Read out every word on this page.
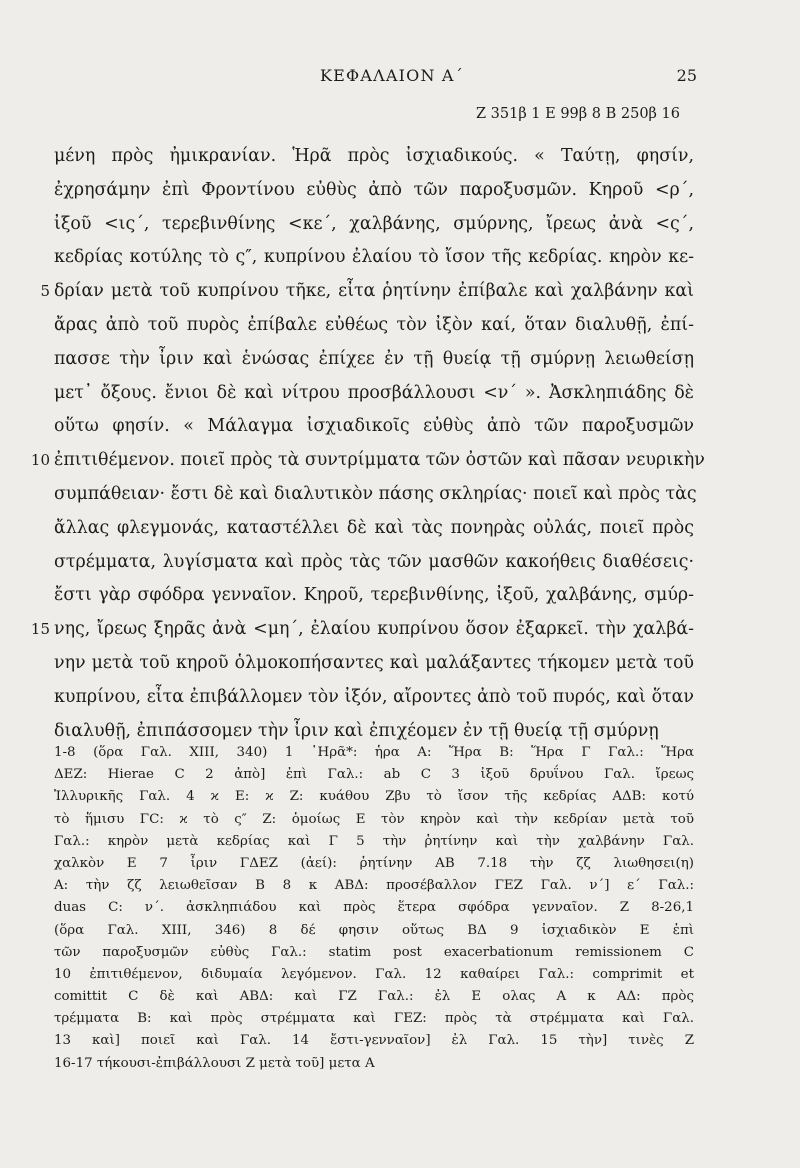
ΚΕΦΑΛΑΙΟΝ Α΄	25
Z 351β 1 E 99β 8 B 250β 16
μένη πρὸς ἠμικρανίαν. Ἡρᾶ πρὸς ἰσχιαδικούς. « Ταύτῃ, φησίν,
ἐχρησάμην ἐπὶ Φροντίνου εὐθὺς ἀπὸ τῶν παροξυσμῶν. Κηροῦ <ρ΄,
ἰξοῦ <ις΄, τερεβινθίνης <κε΄, χαλβάνης, σμύρνης, ἴρεως ἀνὰ <ς΄,
κεδρίας κοτύλης τὸ ς″, κυπρίνου ἐλαίου τὸ ἴσον τῆς κεδρίας. κηρὸν κε-
5 δρίαν μετὰ τοῦ κυπρίνου τῆκε, εἶτα ῥητίνην ἐπίβαλε καὶ χαλβάνην καὶ
ἄρας ἀπὸ τοῦ πυρὸς ἐπίβαλε εὐθέως τὸν ἰξὸν καί, ὅταν διαλυθῇ, ἐπί-
πασσε τὴν ἶριν καὶ ἑνώσας ἐπίχεε ἐν τῇ θυείᾳ τῇ σμύρνῃ λειωθείσῃ
μετ᾽ ὄξους. ἔνιοι δὲ καὶ νίτρου προσβάλλουσι <ν΄ ». Ἀσκληπιάδης δὲ
οὕτω φησίν. « Μάλαγμα ἰσχιαδικοῖς εὐθὺς ἀπὸ τῶν παροξυσμῶν
10 ἐπιτιθέμενον. ποιεῖ πρὸς τὰ συντρίμματα τῶν ὀστῶν καὶ πᾶσαν νευρικὴν
συμπάθειαν· ἔστι δὲ καὶ διαλυτικὸν πάσης σκληρίας· ποιεῖ καὶ πρὸς τὰς
ἄλλας φλεγμονάς, καταστέλλει δὲ καὶ τὰς πονηρὰς οὐλάς, ποιεῖ πρὸς
στρέμματα, λυγίσματα καὶ πρὸς τὰς τῶν μασθῶν κακοήθεις διαθέσεις·
ἔστι γὰρ σφόδρα γενναῖον. Κηροῦ, τερεβινθίνης, ἰξοῦ, χαλβάνης, σμύρ-
15 νης, ἴρεως ξηρᾶς ἀνὰ <μη΄, ἐλαίου κυπρίνου ὅσον ἐξαρκεῖ. τὴν χαλβά-
νην μετὰ τοῦ κηροῦ ὁλμοκοπήσαντες καὶ μαλάξαντες τήκομεν μετὰ τοῦ
κυπρίνου, εἶτα ἐπιβάλλομεν τὸν ἰξόν, αἴροντες ἀπὸ τοῦ πυρός, καὶ ὅταν
διαλυθῇ, ἐπιπάσσομεν τὴν ἶριν καὶ ἐπιχέομεν ἐν τῇ θυείᾳ τῇ σμύρνῃ
1-8 (ὅρα Γαλ. XIII, 340) 1 ῾Ηρᾶ*: ἡρα A: Ἥρα B: Ἥρα Γ Γαλ.: Ἥρα
ΔEZ: Hierae C 2 ἀπὸ] ἐπὶ Γαλ.: ab C 3 ἰξοῦ δρυΐνου Γαλ. ἴρεως
Ἰλλυρικῆς Γαλ. 4 ϰ E: ϰ Z: κυάθου Zβυ τὸ ἴσον τῆς κεδρίας AΔB: κοτύ
τὸ ἥμισυ ΓC: ϰ τὸ ς″ Z: ὁμοίως E τὸν κηρὸν καὶ τὴν κεδρίαν μετὰ τοῦ
Γαλ.: κηρὸν μετὰ κεδρίας καὶ Γ 5 τὴν ῥητίνην καὶ τὴν χαλβάνην Γαλ.
χαλκὸν E 7 ἶριν ΓΔEZ (ἀεί): ῥητίνην AB 7.18 τὴν ζζ λιωθησει(η)
A: τὴν ζζ λειωθεῖσαν B 8 κ ABΔ: προσέβαλλον ΓEZ Γαλ. ν΄] ε΄ Γαλ.:
duas C: ν΄. ἀσκληπιάδου καὶ πρὸς ἕτερα σφόδρα γενναῖον. Z 8-26,1
(ὅρα Γαλ. XIII, 346) 8 δέ φησιν οὕτως BΔ 9 ἰσχιαδικὸν E ἐπὶ
τῶν παροξυσμῶν εὐθὺς Γαλ.: statim post exacerbationum remissionem C
10 ἐπιτιθέμενον, διδυμαία λεγόμενον. Γαλ. 12 καθαίρει Γαλ.: comprimit et
comittit C δὲ καὶ ABΔ: καὶ ΓZ Γαλ.: ἐλ E ολας A κ AΔ: πρὸς
τρέμματα B: καὶ πρὸς στρέμματα καὶ ΓEZ: πρὸς τὰ στρέμματα καὶ Γαλ.
13 καὶ] ποιεῖ καὶ Γαλ. 14 ἔστι-γενναῖον] ἐλ Γαλ. 15 τὴν] τινὲς Z
16-17 τήκουσι-ἐπιβάλλουσι Z μετὰ τοῦ] μετα A
